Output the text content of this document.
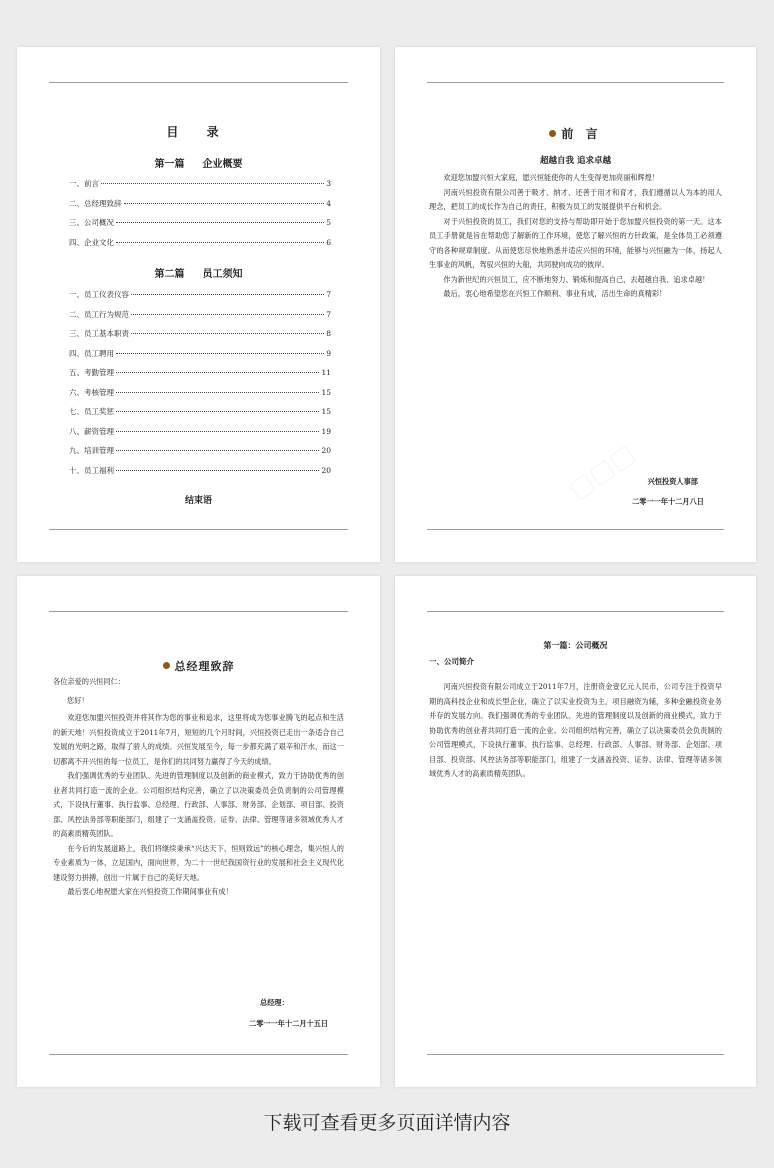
目 录
第一篇 企业概要
一、前言	3
二、总经理致辞	4
三、公司概况	5
四、企业文化	6
第二篇 员工须知
一、员工仪表仪容	7
二、员工行为规范	7
三、员工基本职责	8
四、员工聘用	9
五、考勤管理	11
六、考核管理	15
七、员工奖惩	15
八、薪资管理	19
九、培训管理	20
十、员工福利	20
结束语
前 言
超越自我 追求卓越

欢迎您加盟兴恒大家庭，愿兴恒能使你的人生变得更加亮丽和辉煌！

河南兴恒投资有限公司善于吸才、纳才、还善于用才和育才，我们遵循以人为本的用人理念，把员工的成长作为自己的责任，积极为员工的发展提供平台和机会。

对于兴恒投资的员工，我们对您的支持与帮助即开始于您加盟兴恒投资的第一天。这本员工手册就是旨在帮助您了解新的工作环境，使您了解兴恒的方针政策，是全体员工必须遵守的各种规章制度。从而使您尽快地熟悉并适应兴恒的环境，能够与兴恒融为一体，扬起人生事业的风帆，驾驭兴恒的大船，共同驶向成功的彼岸。

作为新世纪的兴恒员工，应不断地努力、锻炼和提高自己，去超越自我、追求卓越！

最后，衷心地希望您在兴恒工作顺利、事业有成，活出生命的真精彩！

兴恒投资人事部
二零一一年十二月八日
总经理致辞
各位亲爱的兴恒同仁：
您好！

欢迎您加盟兴恒投资并将其作为您的事业和追求，这里将成为您事业腾飞的起点和生活的新天地！兴恒投资成立于2011年7月，短短的几个月时间，兴恒投资已走出一条适合自己发展的光明之路，取得了骄人的成绩。兴恒发展至今，每一步都充满了艰辛和汗水，而这一切都离不开兴恒的每一位员工，是你们的共同努力赢得了今天的成绩。

我们强调优秀的专业团队、先进的管理制度以及创新的商业模式，致力于协助优秀的创业者共同打造一流的企业。公司组织结构完善，确立了以决策委员会负责制的公司管理模式，下设执行董事、执行监事、总经理、行政部、人事部、财务部、企划部、项目部、投资部、风控法务部等职能部门，组建了一支涵盖投资、证券、法律、管理等诸多领域优秀人才的高素质精英团队。

在今后的发展道路上，我们将继续秉承“兴达天下、恒则致远”的核心理念，集兴恒人的专业素质为一体，立足国内，面向世界，为二十一世纪我国资行业的发展和社会主义现代化建设努力拼搏，创出一片属于自己的美好天地。

最后衷心地祝愿大家在兴恒投资工作期间事业有成！

总经理：
二零一一年十二月十五日
第一篇：公司概况
一、公司简介

河南兴恒投资有限公司成立于2011年7月，注册资金壹亿元人民币，公司专注于投资早期的高科技企业和成长型企业，确立了以实业投资为主，项目融资为辅，多种金融投资业务并存的发展方向。我们强调优秀的专业团队、先进的管理制度以及创新的商业模式，致力于协助优秀的创业者共同打造一流的企业。公司组织结构完善，确立了以决策委员会负责制的公司管理模式，下设执行董事、执行监事、总经理、行政部、人事部、财务部、企划部、项目部、投资部、风控法务部等职能部门，组建了一支涵盖投资、证券、法律、管理等诸多领域优秀人才的高素质精英团队。

下载可查看更多页面详情内容
